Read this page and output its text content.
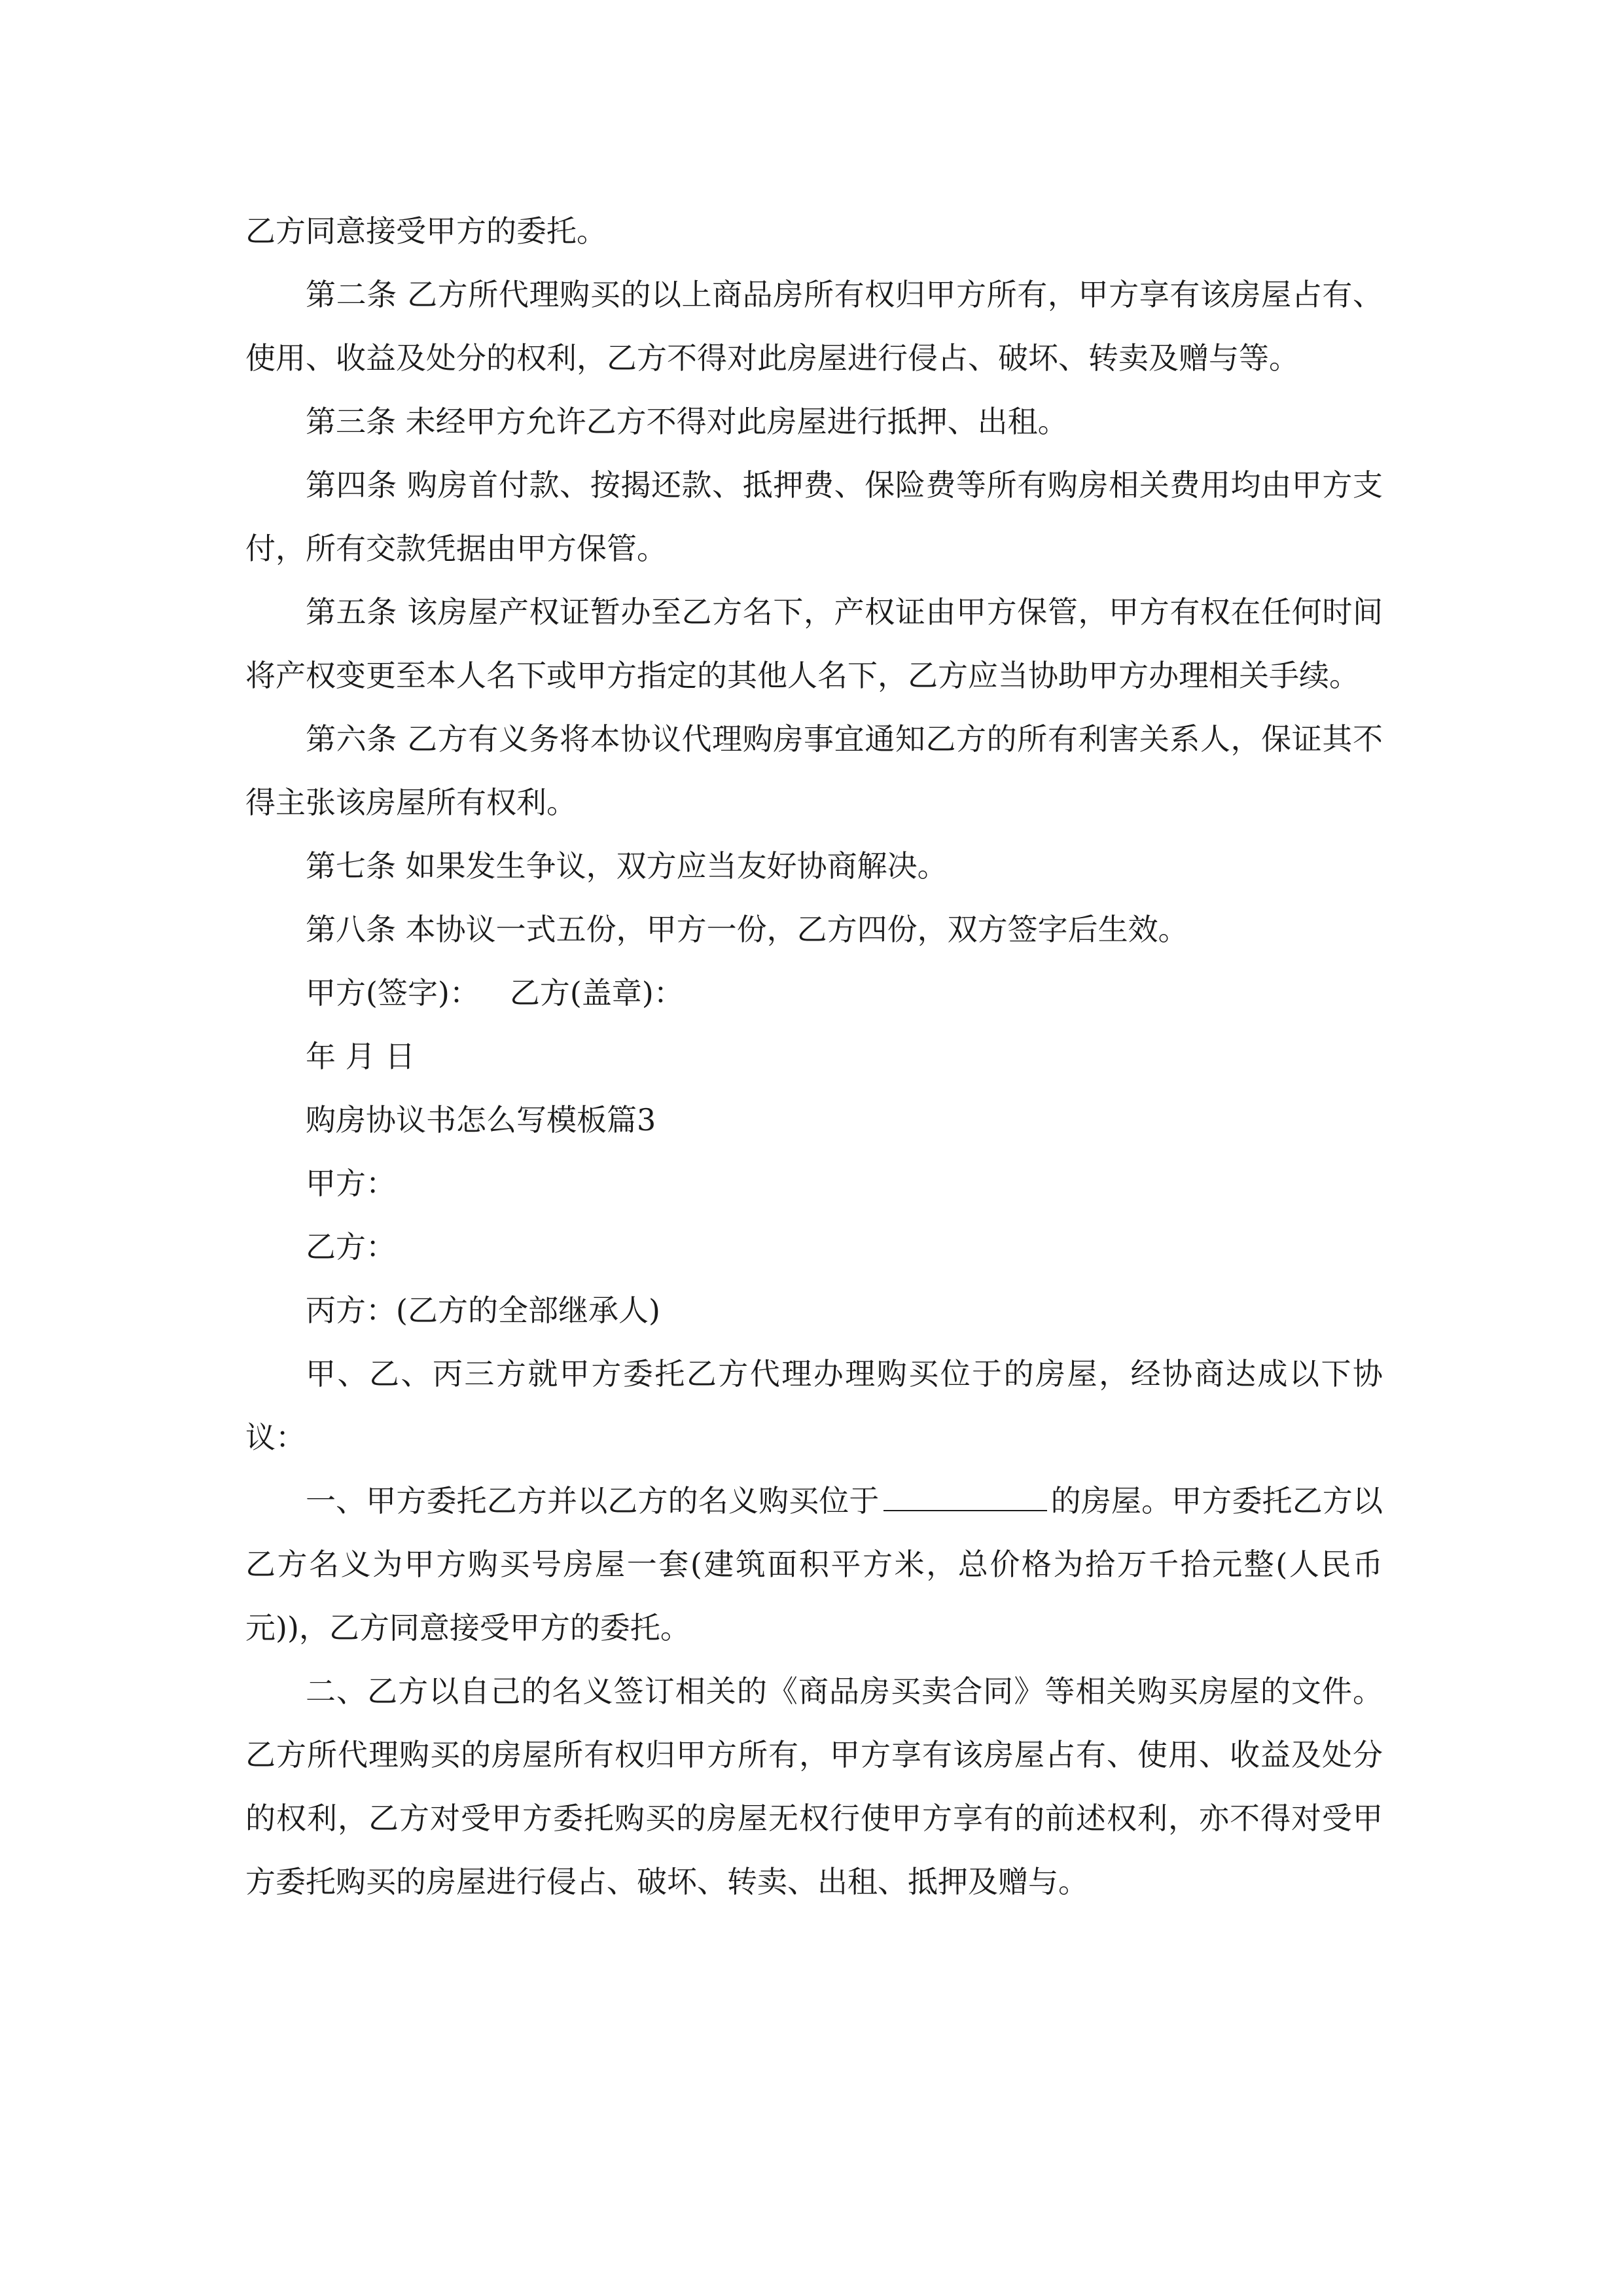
乙方同意接受甲方的委托。

第二条 乙方所代理购买的以上商品房所有权归甲方所有，甲方享有该房屋占有、使用、收益及处分的权利，乙方不得对此房屋进行侵占、破坏、转卖及赠与等。

第三条 未经甲方允许乙方不得对此房屋进行抵押、出租。

第四条 购房首付款、按揭还款、抵押费、保险费等所有购房相关费用均由甲方支付，所有交款凭据由甲方保管。

第五条 该房屋产权证暂办至乙方名下，产权证由甲方保管，甲方有权在任何时间将产权变更至本人名下或甲方指定的其他人名下，乙方应当协助甲方办理相关手续。

第六条 乙方有义务将本协议代理购房事宜通知乙方的所有利害关系人，保证其不得主张该房屋所有权利。

第七条 如果发生争议，双方应当友好协商解决。

第八条 本协议一式五份，甲方一份，乙方四份，双方签字后生效。

甲方(签字)： 乙方(盖章)：

年 月 日

购房协议书怎么写模板篇3

甲方：

乙方：

丙方：(乙方的全部继承人)

甲、乙、丙三方就甲方委托乙方代理办理购买位于的房屋，经协商达成以下协议：

一、甲方委托乙方并以乙方的名义购买位于	的房屋。甲方委托乙方以乙方名义为甲方购买号房屋一套(建筑面积平方米，总价格为拾万千拾元整(人民币元))，乙方同意接受甲方的委托。

二、乙方以自己的名义签订相关的《商品房买卖合同》等相关购买房屋的文件。乙方所代理购买的房屋所有权归甲方所有，甲方享有该房屋占有、使用、收益及处分的权利，乙方对受甲方委托购买的房屋无权行使甲方享有的前述权利，亦不得对受甲方委托购买的房屋进行侵占、破坏、转卖、出租、抵押及赠与。
